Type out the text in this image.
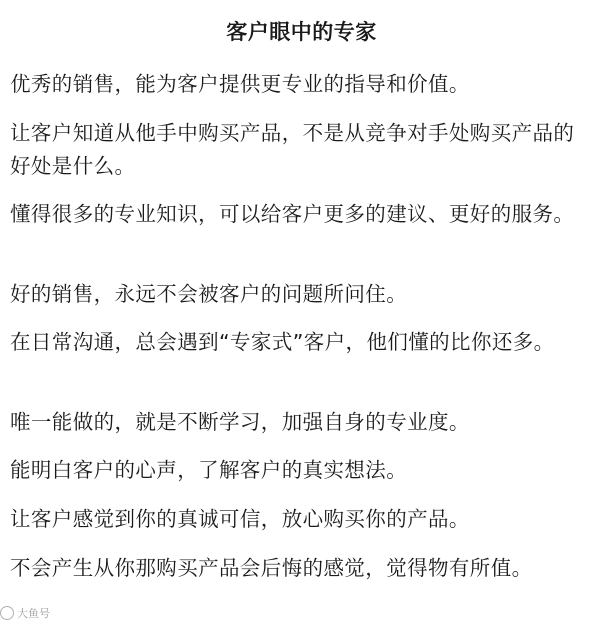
客户眼中的专家

优秀的销售，能为客户提供更专业的指导和价值。

让客户知道从他手中购买产品，不是从竞争对手处购买产品的好处是什么。

懂得很多的专业知识，可以给客户更多的建议、更好的服务。

好的销售，永远不会被客户的问题所问住。

在日常沟通，总会遇到“专家式”客户，他们懂的比你还多。

唯一能做的，就是不断学习，加强自身的专业度。

能明白客户的心声，了解客户的真实想法。

让客户感觉到你的真诚可信，放心购买你的产品。

不会产生从你那购买产品会后悔的感觉，觉得物有所值。

大鱼号
